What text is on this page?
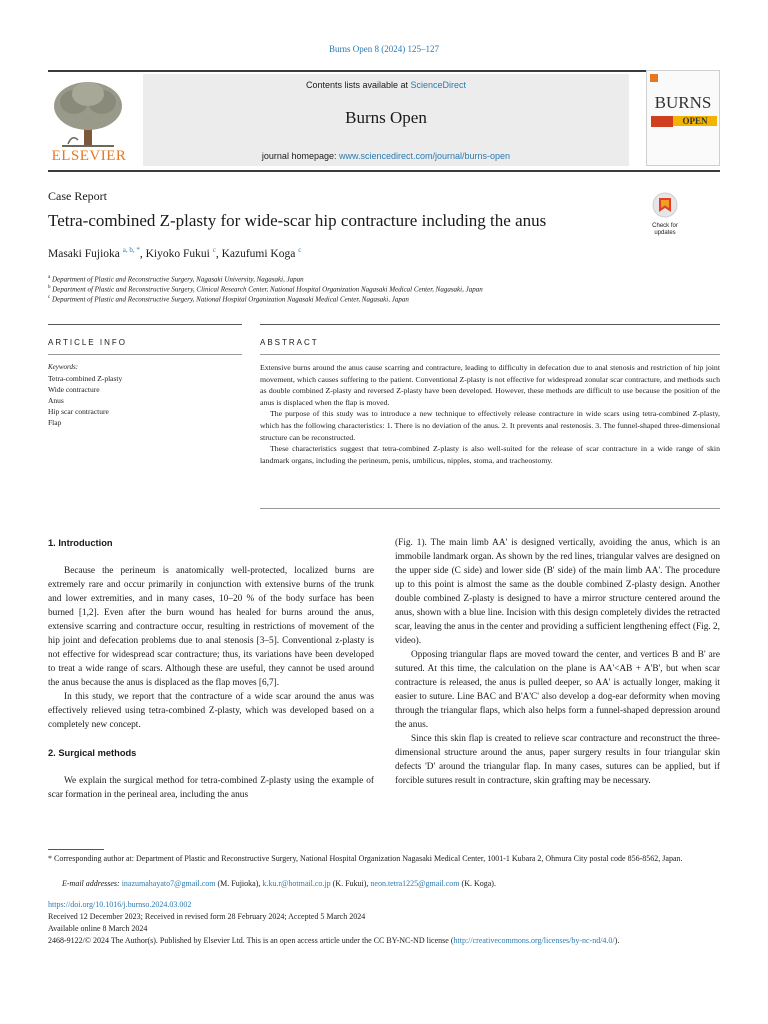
Burns Open 8 (2024) 125–127
ELSEVIER
Contents lists available at ScienceDirect
Burns Open
journal homepage: www.sciencedirect.com/journal/burns-open
BURNS
OPEN
Case Report
Tetra-combined Z-plasty for wide-scar hip contracture including the anus	Check for updates
Masaki Fujioka $^{a, b, *}$, Kiyoko Fukui $^c$, Kazufumi Koga $^c$
$^a$ Department of Plastic and Reconstructive Surgery, Nagasaki University, Nagasaki, Japan
$^b$ Department of Plastic and Reconstructive Surgery, Clinical Research Center, National Hospital Organization Nagasaki Medical Center, Nagasaki, Japan
$^c$ Department of Plastic and Reconstructive Surgery, National Hospital Organization Nagasaki Medical Center, Nagasaki, Japan
ARTICLE INFO	ABSTRACT
Keywords:
Tetra-combined Z-plasty
Wide contracture
Anus
Hip scar contracture
Flap

Extensive burns around the anus cause scarring and contracture, leading to difficulty in defecation due to anal stenosis and restriction of hip joint movement, which causes suffering to the patient. Conventional Z-plasty is not effective for widespread zonular scar contracture, and methods such as double combined Z-plasty and reversed Z-plasty have been developed. However, these methods are difficult to use because the position of the anus is displaced when the flap is moved.

The purpose of this study was to introduce a new technique to effectively release contracture in wide scars using tetra-combined Z-plasty, which has the following characteristics: 1. There is no deviation of the anus. 2. It prevents anal restenosis. 3. The funnel-shaped three-dimensional structure can be reconstructed.

These characteristics suggest that tetra-combined Z-plasty is also well-suited for the release of scar contracture in a wide range of skin landmark organs, including the perineum, penis, umbilicus, nipples, stoma, and tracheostomy.

1. Introduction

Because the perineum is anatomically well-protected, localized burns are extremely rare and occur primarily in conjunction with extensive burns of the trunk and lower extremities, and in many cases, 10–20 % of the body surface has been burned [1,2]. Even after the burn wound has healed for burns around the anus, extensive scarring and contracture occur, resulting in restrictions of movement of the hip joint and defecation problems due to anal stenosis [3–5]. Conventional z-plasty is not effective for widespread scar contracture; thus, its variations have been developed to treat a wide range of scars. Although these are useful, they cannot be used around the anus because the anus is displaced as the flap moves [6,7].

In this study, we report that the contracture of a wide scar around the anus was effectively relieved using tetra-combined Z-plasty, which was developed based on a completely new concept.

2. Surgical methods

We explain the surgical method for tetra-combined Z-plasty using the example of scar formation in the perineal area, including the anus

(Fig. 1). The main limb AA' is designed vertically, avoiding the anus, which is an immobile landmark organ. As shown by the red lines, triangular valves are designed on the upper side (C side) and lower side (B' side) of the main limb AA'. The procedure up to this point is almost the same as the double combined Z-plasty design. Another double combined Z-plasty is designed to have a mirror structure centered around the anus, shown with a blue line. Incision with this design completely divides the retracted scar, leaving the anus in the center and providing a sufficient lengthening effect (Fig. 2, video).

Opposing triangular flaps are moved toward the center, and vertices B and B' are sutured. At this time, the calculation on the plane is AA'<AB + A'B', but when scar contracture is released, the anus is pulled deeper, so AA' is actually longer, making it easier to suture. Line BAC and B'A'C' also develop a dog-ear deformity when moving through the triangular flaps, which also helps form a funnel-shaped depression around the anus.

Since this skin flap is created to relieve scar contracture and reconstruct the three-dimensional structure around the anus, paper surgery results in four triangular skin defects 'D' around the triangular flap. In many cases, sutures can be applied, but if forcible sutures result in contracture, skin grafting may be necessary.

* Corresponding author at: Department of Plastic and Reconstructive Surgery, National Hospital Organization Nagasaki Medical Center, 1001-1 Kubara 2, Ohmura City postal code 856-8562, Japan.
E-mail addresses: inazumahayato7@gmail.com (M. Fujioka), k.ku.r@hotmail.co.jp (K. Fukui), neon.tetra1225@gmail.com (K. Koga).
https://doi.org/10.1016/j.burnso.2024.03.002
Received 12 December 2023; Received in revised form 28 February 2024; Accepted 5 March 2024
Available online 8 March 2024
2468-9122/© 2024 The Author(s). Published by Elsevier Ltd. This is an open access article under the CC BY-NC-ND license (http://creativecommons.org/licenses/by-nc-nd/4.0/).
